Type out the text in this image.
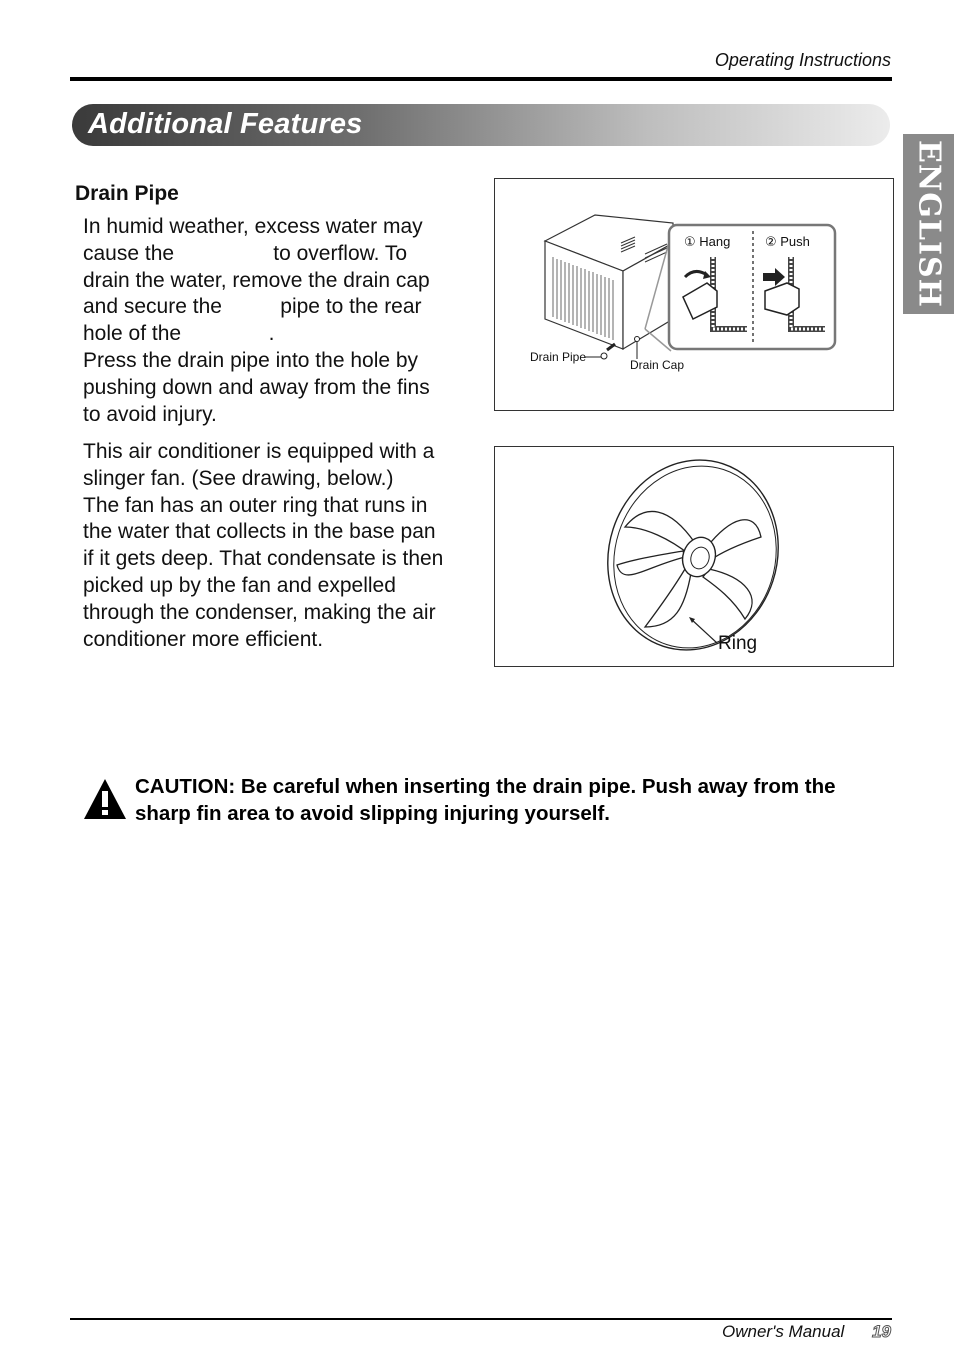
Operating Instructions
Additional Features
ENGLISH
Drain Pipe
In humid weather, excess water may
cause the                 to overflow. To
drain the water, remove the drain cap
and secure the          pipe to the rear
hole of the               .
Press the drain pipe into the hole by
pushing down and away from the fins
to avoid injury.
This air conditioner is equipped with a
slinger fan. (See drawing, below.)
The fan has an outer ring that runs in
the water that collects in the base pan
if it gets deep. That condensate is then
picked up by the fan and expelled
through the condenser, making the air
conditioner more efficient.
① Hang	② Push
Drain Pipe
Drain Cap
Ring
CAUTION: Be careful when inserting the drain pipe. Push away from the sharp fin area to avoid slipping injuring yourself.
Owner's Manual 19
